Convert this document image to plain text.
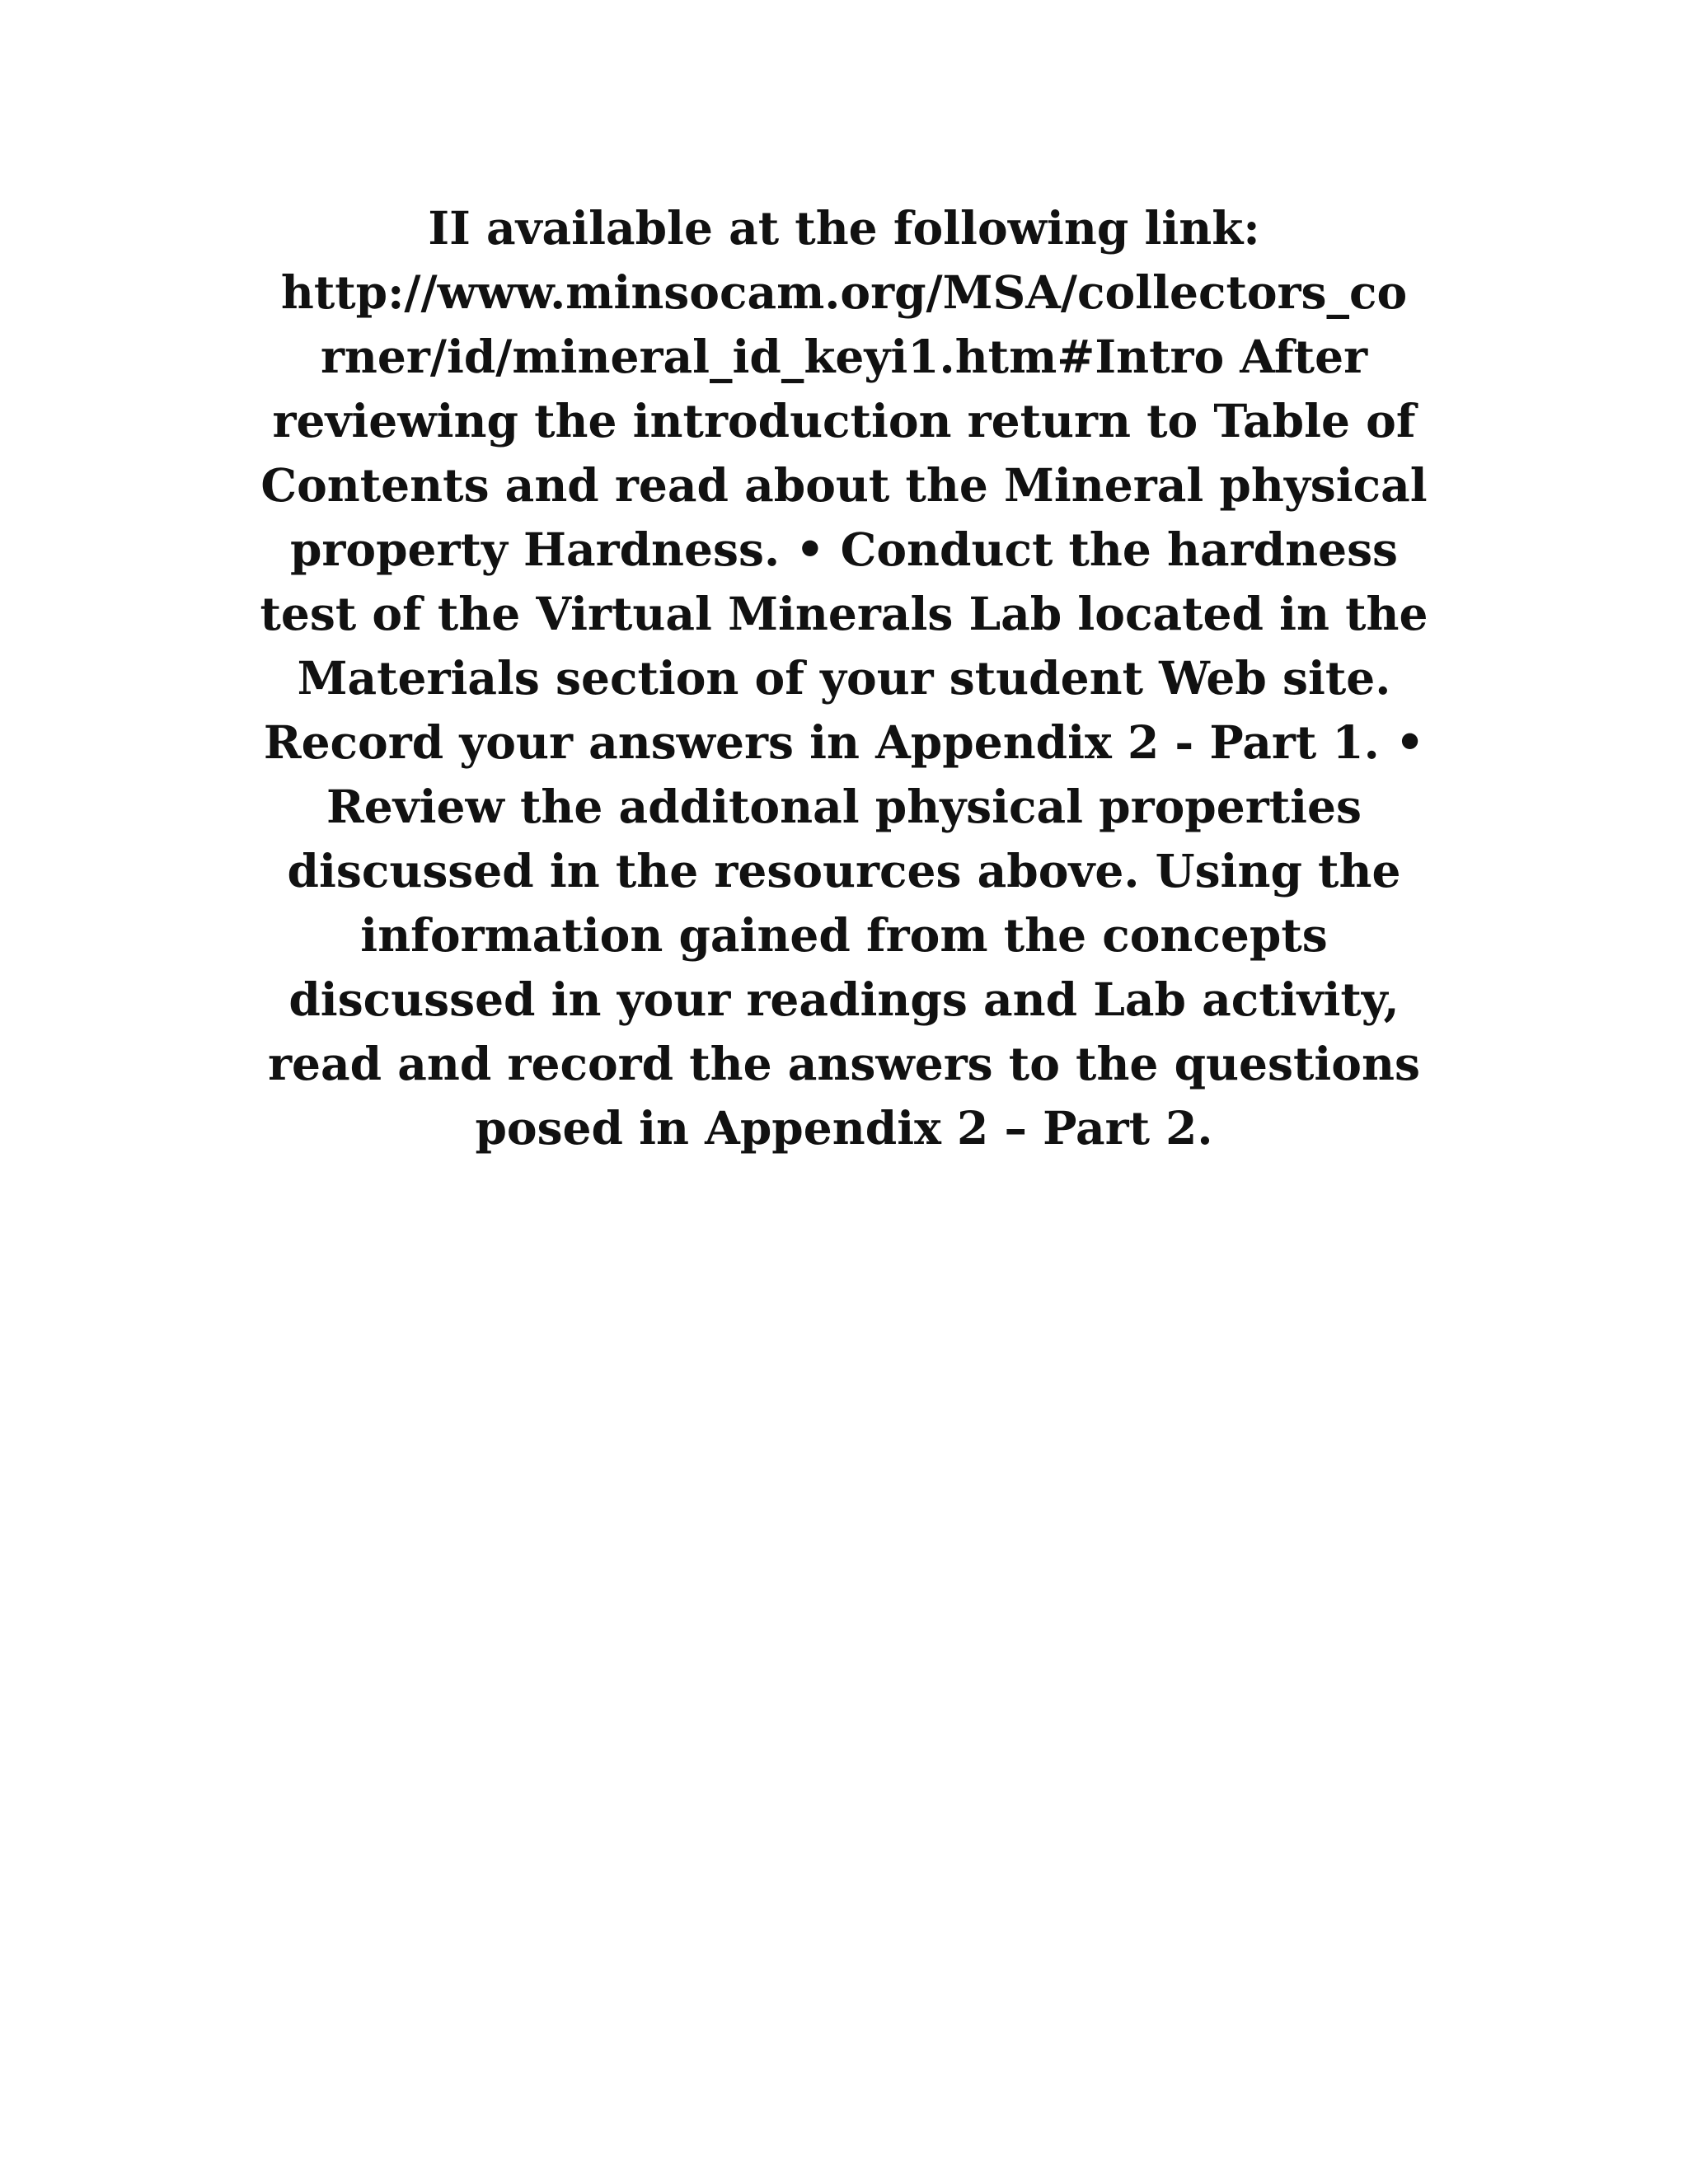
II available at the following link:
http://www.minsocam.org/MSA/collectors_co
rner/id/mineral_id_keyi1.htm#Intro After
reviewing the introduction return to Table of
Contents and read about the Mineral physical
property Hardness. • Conduct the hardness
test of the Virtual Minerals Lab located in the
Materials section of your student Web site.
Record your answers in Appendix 2 - Part 1. •
Review the additonal physical properties
discussed in the resources above. Using the
information gained from the concepts
discussed in your readings and Lab activity,
read and record the answers to the questions
posed in Appendix 2 – Part 2.
